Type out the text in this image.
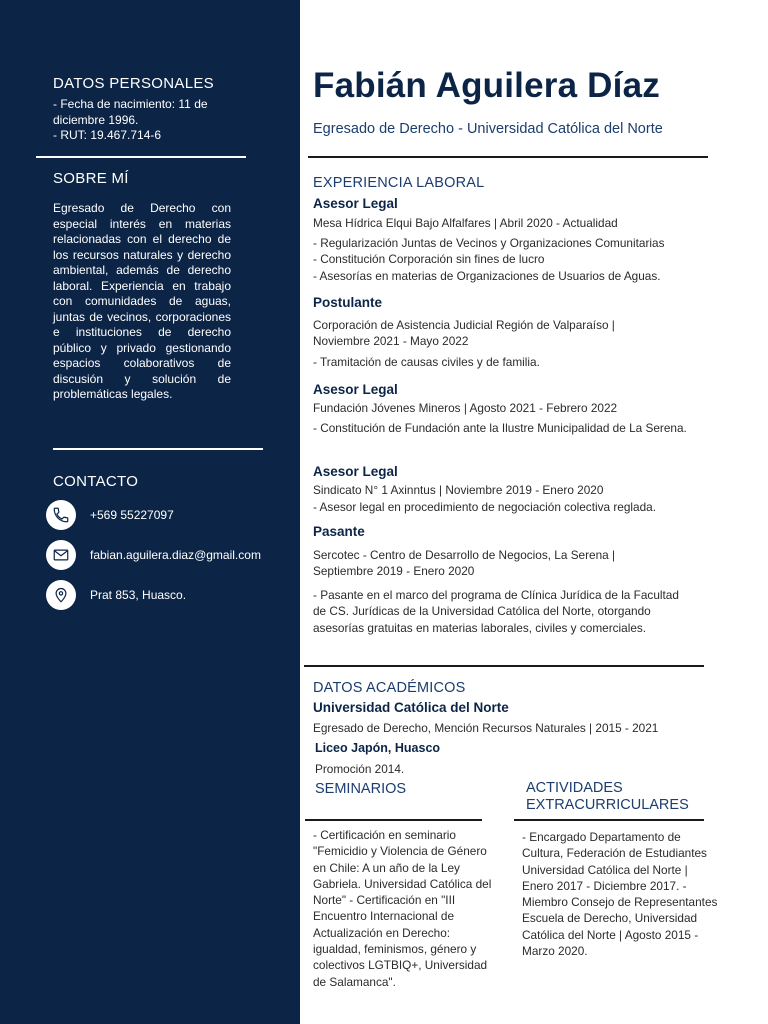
DATOS PERSONALES
- Fecha de nacimiento: 11 de
diciembre 1996.
- RUT: 19.467.714-6
SOBRE MÍ
Egresado de Derecho con especial interés en materias relacionadas con el derecho de los recursos naturales y derecho ambiental, además de derecho laboral. Experiencia en trabajo con comunidades de aguas, juntas de vecinos, corporaciones e instituciones de derecho público y privado gestionando espacios colaborativos de discusión y solución de problemáticas legales.
CONTACTO
+569 55227097
fabian.aguilera.diaz@gmail.com
Prat 853, Huasco.
Fabián Aguilera Díaz
Egresado de Derecho - Universidad Católica del Norte
EXPERIENCIA LABORAL
Asesor Legal
Mesa Hídrica Elqui Bajo Alfalfares | Abril 2020 - Actualidad
- Regularización Juntas de Vecinos y Organizaciones Comunitarias
- Constitución Corporación sin fines de lucro
- Asesorías en materias de Organizaciones de Usuarios de Aguas.
Postulante
Corporación de Asistencia Judicial Región de Valparaíso | Noviembre 2021 - Mayo 2022
- Tramitación de causas civiles y de familia.
Asesor Legal
Fundación Jóvenes Mineros | Agosto 2021 - Febrero 2022
- Constitución de Fundación ante la Ilustre Municipalidad de La Serena.
Asesor Legal
Sindicato N° 1 Axinntus | Noviembre 2019 - Enero 2020
- Asesor legal en procedimiento de negociación colectiva reglada.
Pasante
Sercotec - Centro de Desarrollo de Negocios, La Serena | Septiembre 2019 - Enero 2020
- Pasante en el marco del programa de Clínica Jurídica de la Facultad de CS. Jurídicas de la Universidad Católica del Norte, otorgando asesorías gratuitas en materias laborales, civiles y comerciales.
DATOS ACADÉMICOS
Universidad Católica del Norte
Egresado de Derecho, Mención Recursos Naturales | 2015 - 2021
Liceo Japón, Huasco
Promoción 2014.
SEMINARIOS
- Certificación en seminario "Femicidio y Violencia de Género en Chile: A un año de la Ley Gabriela. Universidad Católica del Norte" - Certificación en "III Encuentro Internacional de Actualización en Derecho: igualdad, feminismos, género y colectivos LGTBIQ+, Universidad de Salamanca".
ACTIVIDADES EXTRACURRICULARES
- Encargado Departamento de Cultura, Federación de Estudiantes Universidad Católica del Norte | Enero 2017 - Diciembre 2017. - Miembro Consejo de Representantes Escuela de Derecho, Universidad Católica del Norte | Agosto 2015 - Marzo 2020.
